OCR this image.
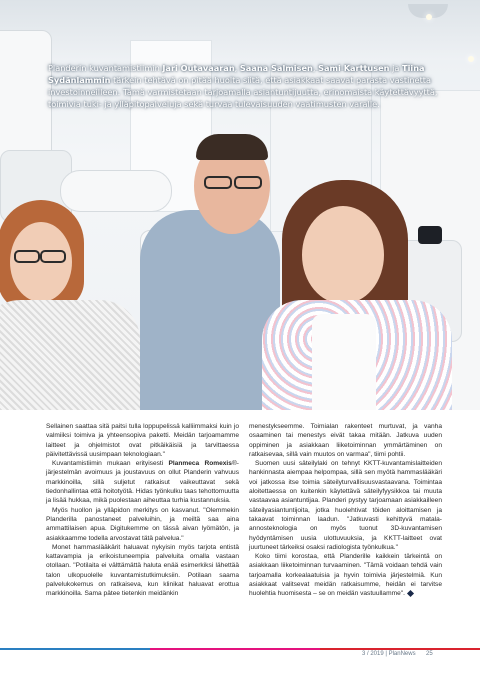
Planderin kuvantamistiimin Jari Outavaaran, Saana Salmisen, Sami Karttusen ja Tiina Sydänlammin tärkein tehtävä on pitää huolta siitä, että asiakkaat saavat parasta vastinetta investoinneilleen. Tämä varmistetaan tarjoamalla asiantuntijuutta, erinomaista käytettävyyttä, toimivia tuki- ja ylläpitopalveluja sekä turvaa tulevaisuuden vaatimusten varalle.

Sellainen saattaa sitä paitsi tulla loppupelissä kalliimmaksi kuin jo valmiiksi toimiva ja yhteensopiva paketti. Meidän tarjoamamme laitteet ja ohjelmistot ovat pitkäikäisiä ja tarvittaessa päivitettävissä uusimpaan teknologiaan."

Kuvantamistiimin mukaan erityisesti Planmeca Romexis®-järjestelmän avoimuus ja joustavuus on ollut Planderin vahvuus markkinoilla, sillä suljetut ratkaisut vaikeuttavat sekä tiedonhallintaa että hoitotyötä. Hidas työnkulku taas tehottomuutta ja lisää hukkaa, mikä puolestaan aiheuttaa turhia kustannuksia.

Myös huollon ja ylläpidon merkitys on kasvanut. "Olemmekin Planderilla panostaneet palveluihin, ja meiltä saa aina ammattilaisen apua. Digitukemme on tässä aivan lyömätön, ja asiakkaamme todella arvostavat tätä palvelua."

Monet hammaslääkärit haluavat nykyisin myös tarjota entistä kattavampia ja erikoistuneempia palveluita omalla vastaan otollaan. "Potilaita ei välttämättä haluta enää esimerkiksi lähettää talon ulkopuolelle kuvantamistutkimuksiin. Potilaan saama palvelukokemus on ratkaiseva, kun klinikat haluavat erottua markkinoilla. Sama pätee tietenkin meidänkin

menestykseemme. Toimialan rakenteet murtuvat, ja vanha osaaminen tai menestys eivät takaa mitään. Jatkuva uuden oppiminen ja asiakkaan liiketoiminnan ymmärtäminen on ratkaisevaa, sillä vain muutos on varmaa", tiimi pohtii.

Suomen uusi säteilylaki on tehnyt KKTT-kuvantamislaitteiden hankinnasta aiempaa helpompaa, sillä sen myötä hammaslääkäri voi jatkossa itse toimia säteilyturvallisuusvastaavana. Toimintaa aloitettaessa on kuitenkin käytettävä säteilyfyysikkoa tai muuta vastaavaa asiantuntijaa. Planderi pystyy tarjoamaan asiakkailleen säteilyasiantuntijoita, jotka huolehtivat töiden aloittamisen ja takaavat toiminnan laadun. "Jatkuvasti kehittyvä matala-annosteknologia on myös tuonut 3D-kuvantamisen hyödyntämisen uusia ulottuvuuksia, ja KKTT-laitteet ovat juurtuneet tärkeiksi osaksi radiologista työnkulkua."

Koko tiimi korostaa, että Planderille kaikkein tärkeintä on asiakkaan liiketoiminnan turvaaminen. "Tämä voidaan tehdä vain tarjoamalla korkealaatuisia ja hyvin toimivia järjestelmiä. Kun asiakkaat valitsevat meidän ratkaisumme, heidän ei tarvitse huolehtia huomisesta – se on meidän vastuullamme".

3 / 2019 | PlanNews 25
